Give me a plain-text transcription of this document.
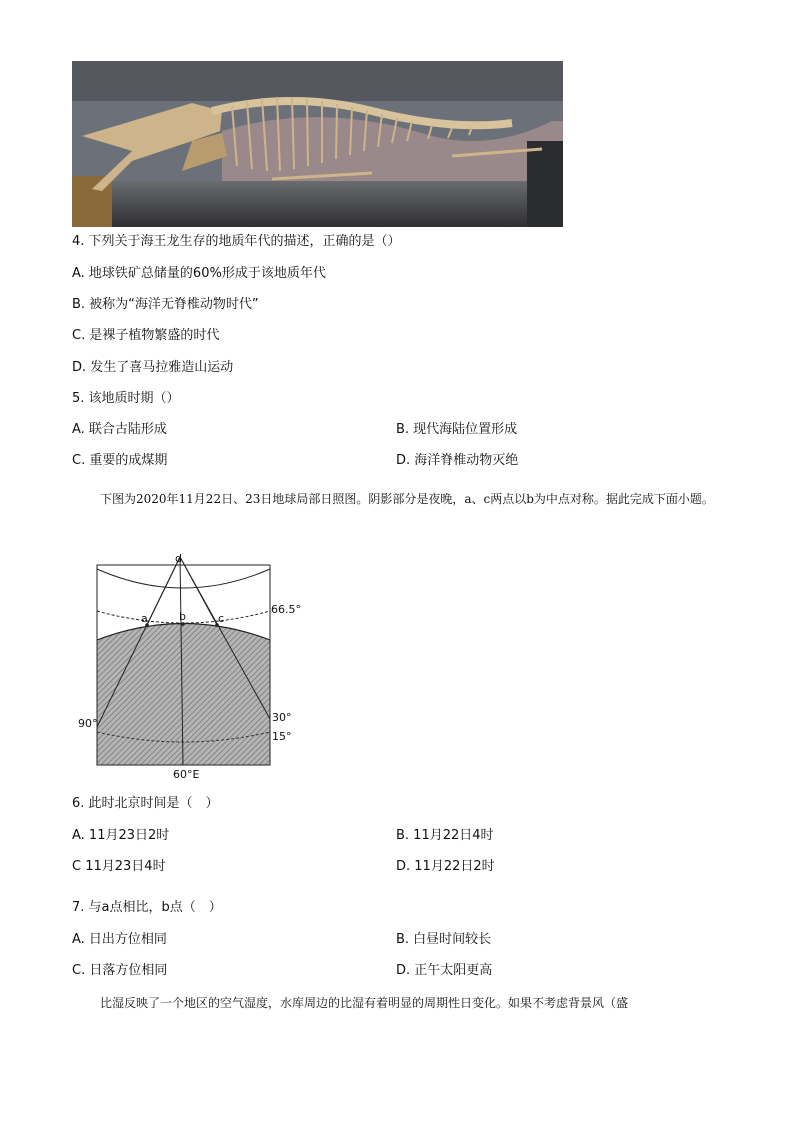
4. 下列关于海王龙生存的地质年代的描述，正确的是（）
A. 地球铁矿总储量的60%形成于该地质年代
B. 被称为“海洋无脊椎动物时代”
C. 是裸子植物繁盛的时代
D. 发生了喜马拉雅造山运动
5. 该地质时期（）
A. 联合古陆形成	B. 现代海陆位置形成
C. 重要的成煤期	D. 海洋脊椎动物灭绝
下图为2020年11月22日、23日地球局部日照图。阴影部分是夜晚，a、c两点以b为中点对称。据此完成下面小题。
d
a	b	c
66.5°
30°
15°
90°
60°E
6. 此时北京时间是（　）
A. 11月23日2时	B. 11月22日4时
C 11月23日4时	D. 11月22日2时
7. 与a点相比，b点（　）
A. 日出方位相同	B. 白昼时间较长
C. 日落方位相同	D. 正午太阳更高
比湿反映了一个地区的空气湿度，水库周边的比湿有着明显的周期性日变化。如果不考虑背景风（盛
